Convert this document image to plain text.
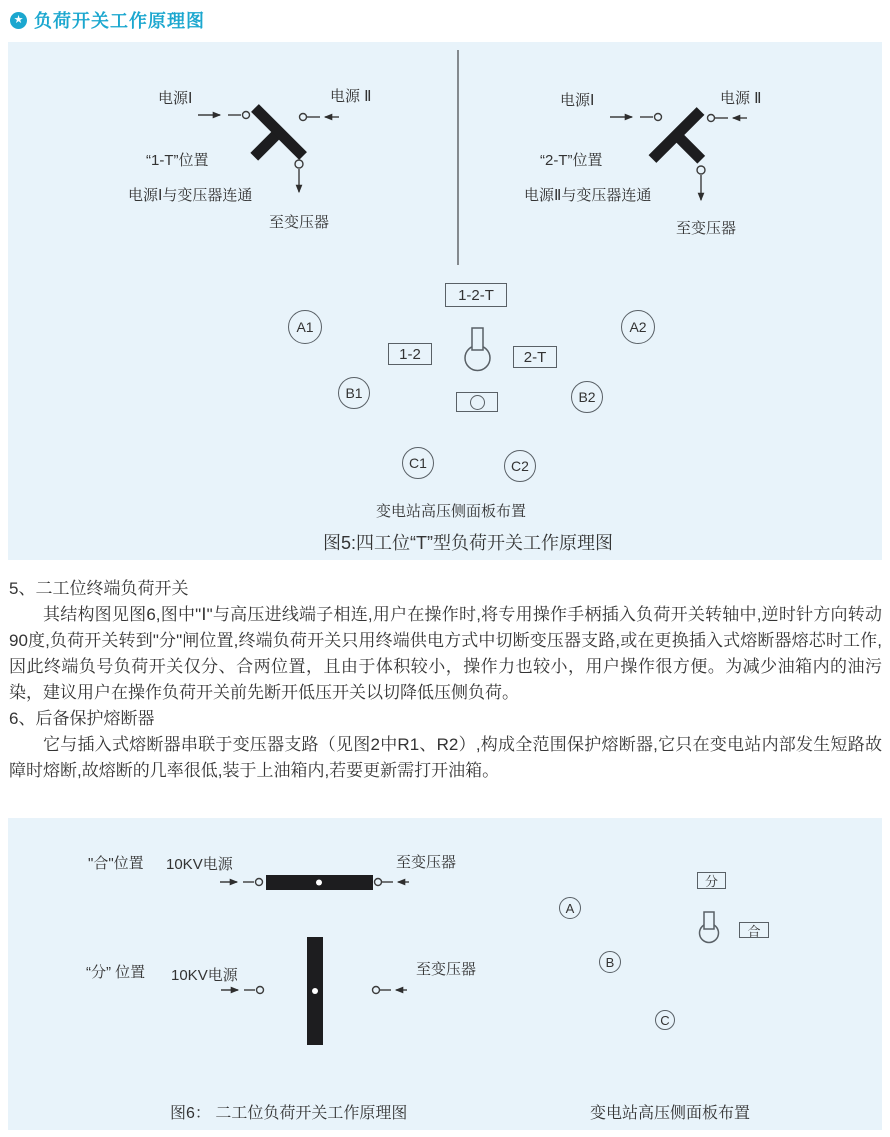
★
负荷开关工作原理图
电源Ⅰ	电源 Ⅱ
“1-T”位置
电源Ⅰ与变压器连通
至变压器
电源Ⅰ	电源 Ⅱ
“2-T”位置
电源Ⅱ与变压器连通
至变压器
1-2-T
1-2	2-T
A1	A2
B1	B2
C1	C2
变电站高压侧面板布置
图5:四工位“T”型负荷开关工作原理图
5、二工位终端负荷开关

其结构图见图6,图中"Ⅰ"与高压进线端子相连,用户在操作时,将专用操作手柄插入负荷开关转轴中,逆时针方向转动90度,负荷开关转到"分"闸位置,终端负荷开关只用终端供电方式中切断变压器支路,或在更换插入式熔断器熔芯时工作,因此终端负号负荷开关仅分、合两位置，且由于体积较小，操作力也较小，用户操作很方便。为减少油箱内的油污染，建议用户在操作负荷开关前先断开低压开关以切降低压侧负荷。

6、后备保护熔断器

它与插入式熔断器串联于变压器支路（见图2中R1、R2）,构成全范围保护熔断器,它只在变电站内部发生短路故障时熔断,故熔断的几率很低,装于上油箱内,若要更新需打开油箱。

"合"位置 10KV电源	至变压器
“分” 位置 10KV电源	至变压器
分
合
A
B
C
图6： 二工位负荷开关工作原理图	变电站高压侧面板布置
